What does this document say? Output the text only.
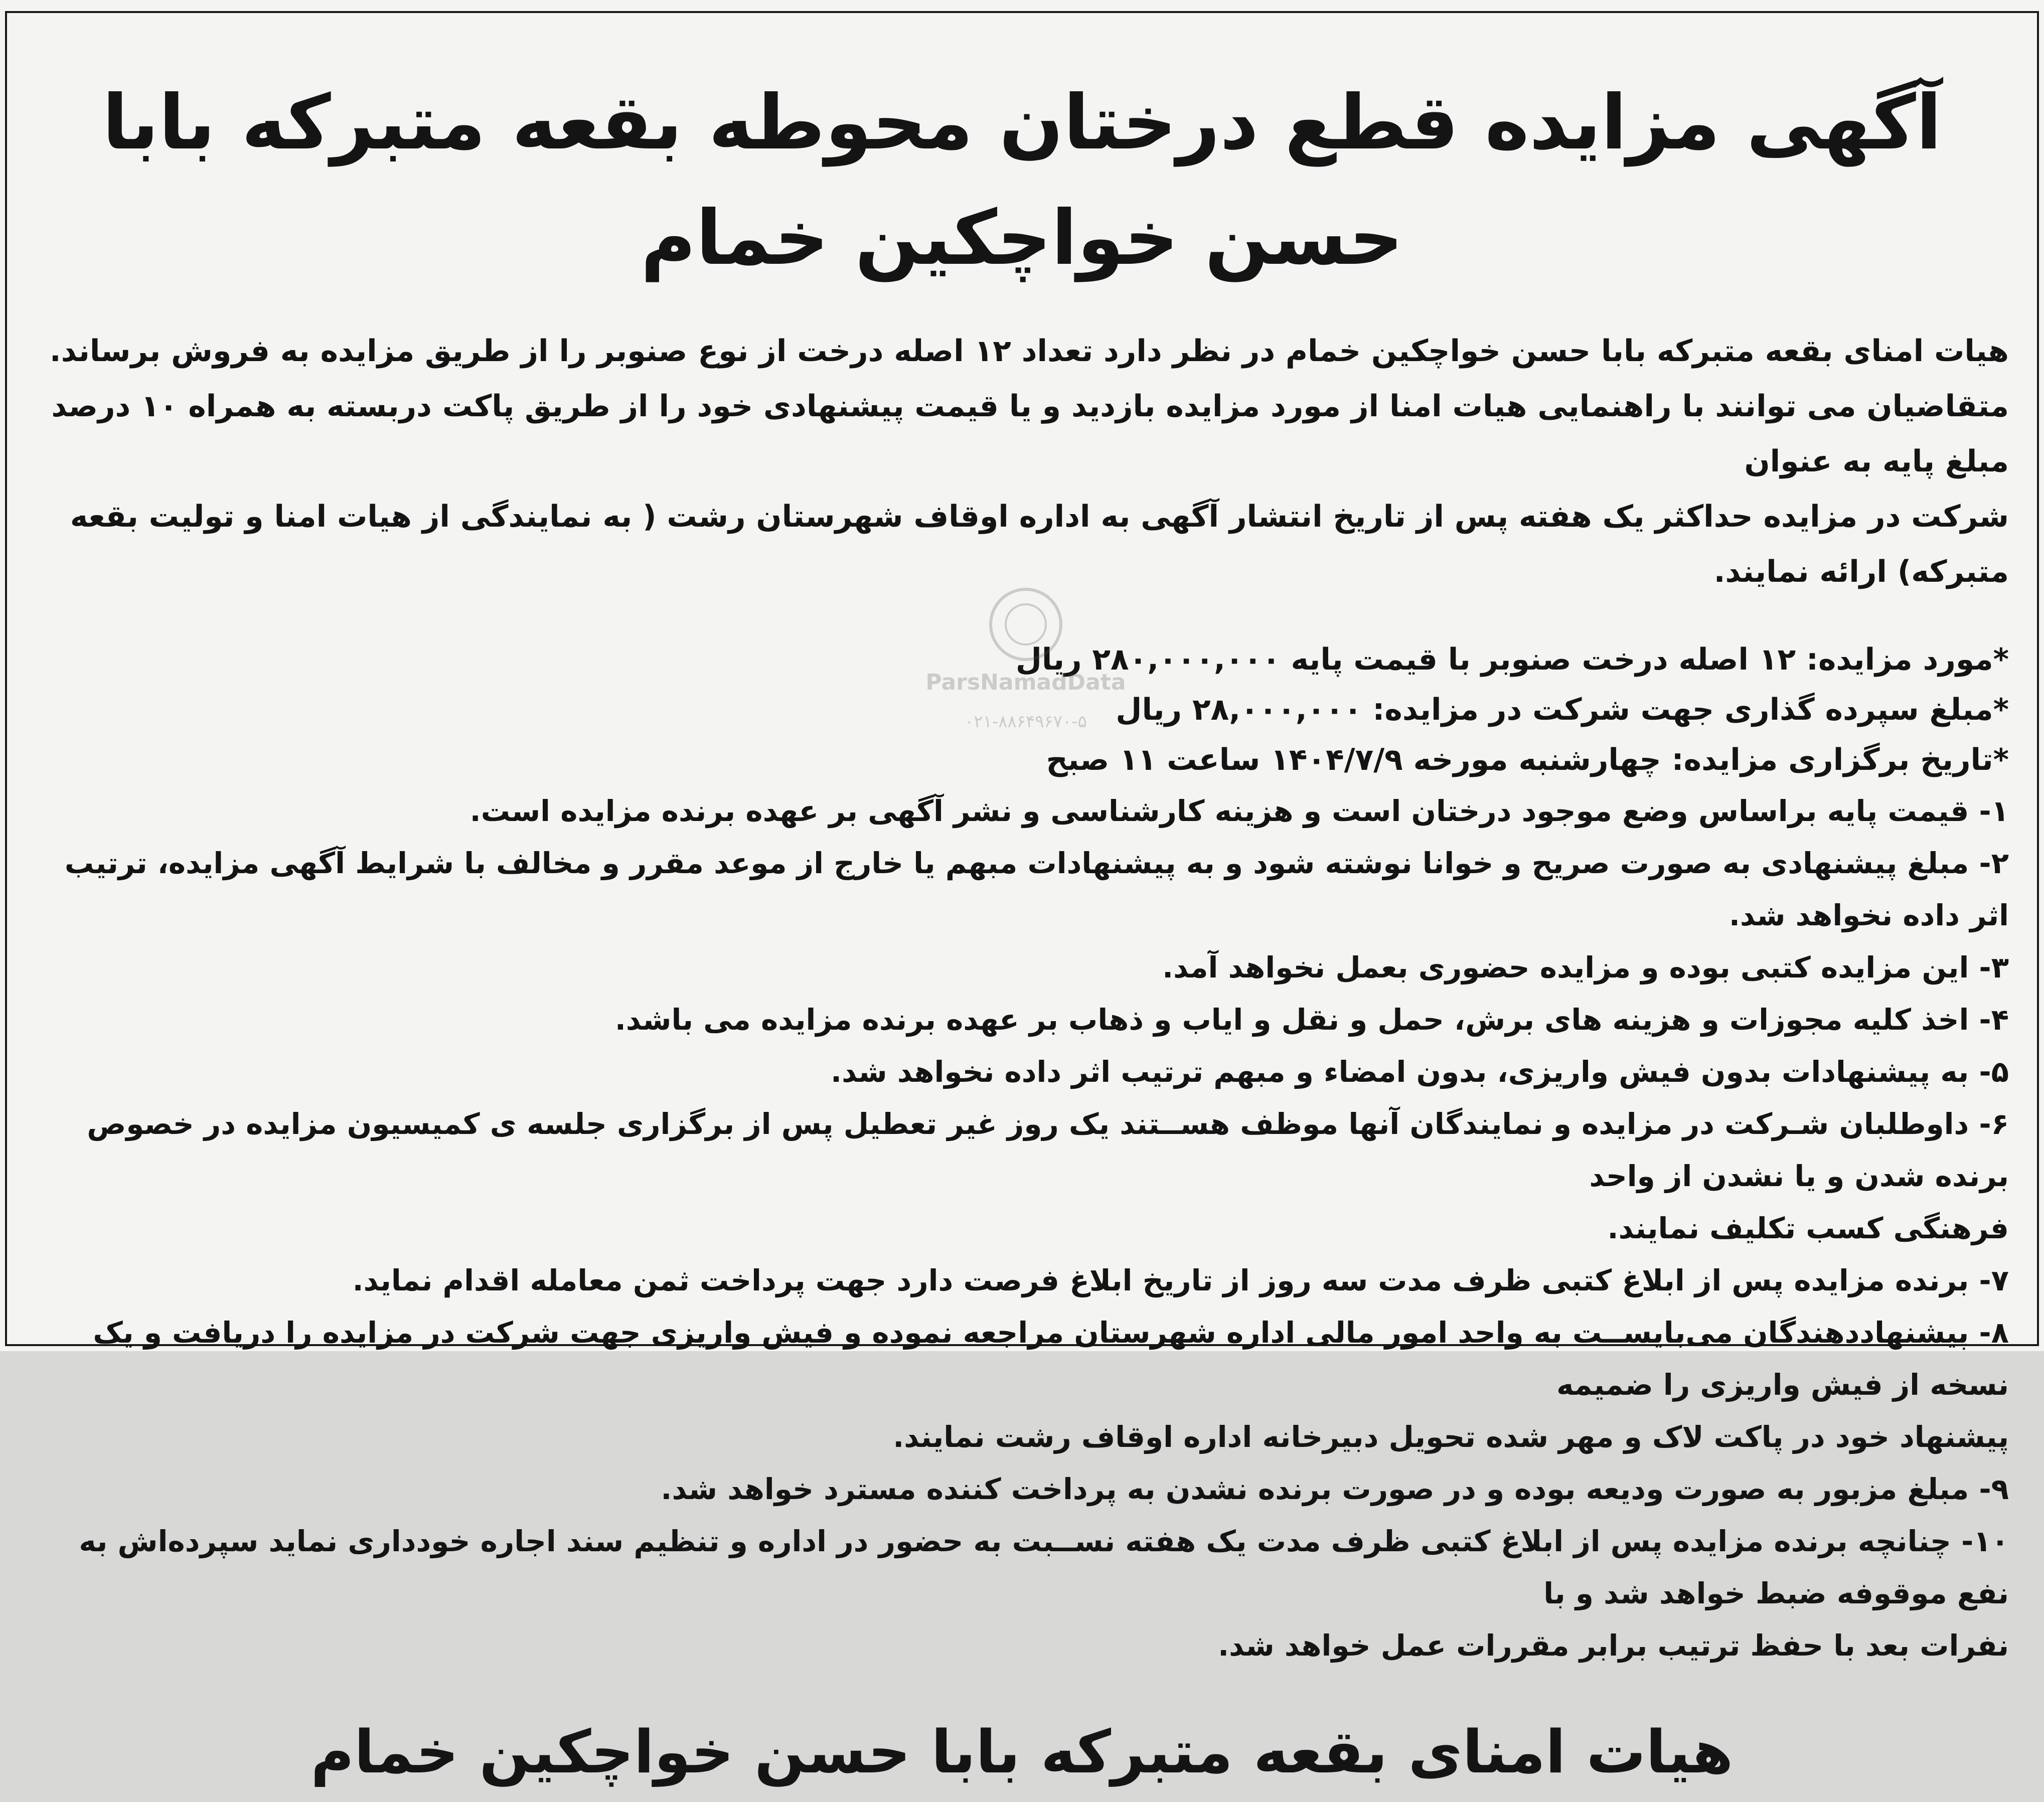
آگهی مزایده قطع درختان محوطه بقعه متبرکه بابا حسن خواچکین خمام

هیات امنای بقعه متبرکه بابا حسن خواچکین خمام در نظر دارد تعداد ۱۲ اصله درخت از نوع صنوبر را از طریق مزایده به فروش برساند.

متقاضیان می توانند با راهنمایی هیات امنا از مورد مزایده بازدید و یا قیمت پیشنهادی خود را از طریق پاکت دربسته به همراه ۱۰ درصد مبلغ پایه به عنوان

شرکت در مزایده حداکثر یک هفته پس از تاریخ انتشار آگهی به اداره اوقاف شهرستان رشت ( به نمایندگی از هیات امنا و تولیت بقعه متبرکه) ارائه نمایند.

*مورد مزایده: ۱۲ اصله درخت صنوبر با قیمت پایه ۲۸۰,۰۰۰,۰۰۰ ریال

*مبلغ سپرده گذاری جهت شرکت در مزایده: ۲۸,۰۰۰,۰۰۰ ریال

*تاریخ برگزاری مزایده: چهارشنبه مورخه ۱۴۰۴/۷/۹ ساعت ۱۱ صبح

۱- قیمت پایه براساس وضع موجود درختان است و هزینه کارشناسی و نشر آگهی بر عهده برنده مزایده است.

۲- مبلغ پیشنهادی به صورت صریح و خوانا نوشته شود و به پیشنهادات مبهم یا خارج از موعد مقرر و مخالف با شرایط آگهی مزایده، ترتیب اثر داده نخواهد شد.

۳- این مزایده کتبی بوده و مزایده حضوری بعمل نخواهد آمد.

۴- اخذ کلیه مجوزات و هزینه های برش، حمل و نقل و ایاب و ذهاب بر عهده برنده مزایده می باشد.

۵- به پیشنهادات بدون فیش واریزی، بدون امضاء و مبهم ترتیب اثر داده نخواهد شد.

۶- داوطلبان شـرکت در مزایده و نمایندگان آنها موظف هســتند یک روز غیر تعطیل پس از برگزاری جلسه ی کمیسیون مزایده در خصوص برنده شدن و یا نشدن از واحد

فرهنگی کسب تکلیف نمایند.

۷- برنده مزایده پس از ابلاغ کتبی ظرف مدت سه روز از تاریخ ابلاغ فرصت دارد جهت پرداخت ثمن معامله اقدام نماید.

۸- پیشنهاددهندگان می‌بایســت به واحد امور مالی اداره شهرستان مراجعه نموده و فیش واریزی جهت شرکت در مزایده را دریافت و یک نسخه از فیش واریزی را ضمیمه

پیشنهاد خود در پاکت لاک و مهر شده تحویل دبیرخانه اداره اوقاف رشت نمایند.

۹- مبلغ مزبور به صورت ودیعه بوده و در صورت برنده نشدن به پرداخت کننده مسترد خواهد شد.

۱۰- چنانچه برنده مزایده پس از ابلاغ کتبی ظرف مدت یک هفته نســبت به حضور در اداره و تنظیم سند اجاره خودداری نماید سپرده‌اش به نفع موقوفه ضبط خواهد شد و با

نفرات بعد با حفظ ترتیب برابر مقررات عمل خواهد شد.

هیات امنای بقعه متبرکه بابا حسن خواچکین خمام
ParsNamadData
۰۲۱-۸۸۶۴۹۶۷۰-۵
